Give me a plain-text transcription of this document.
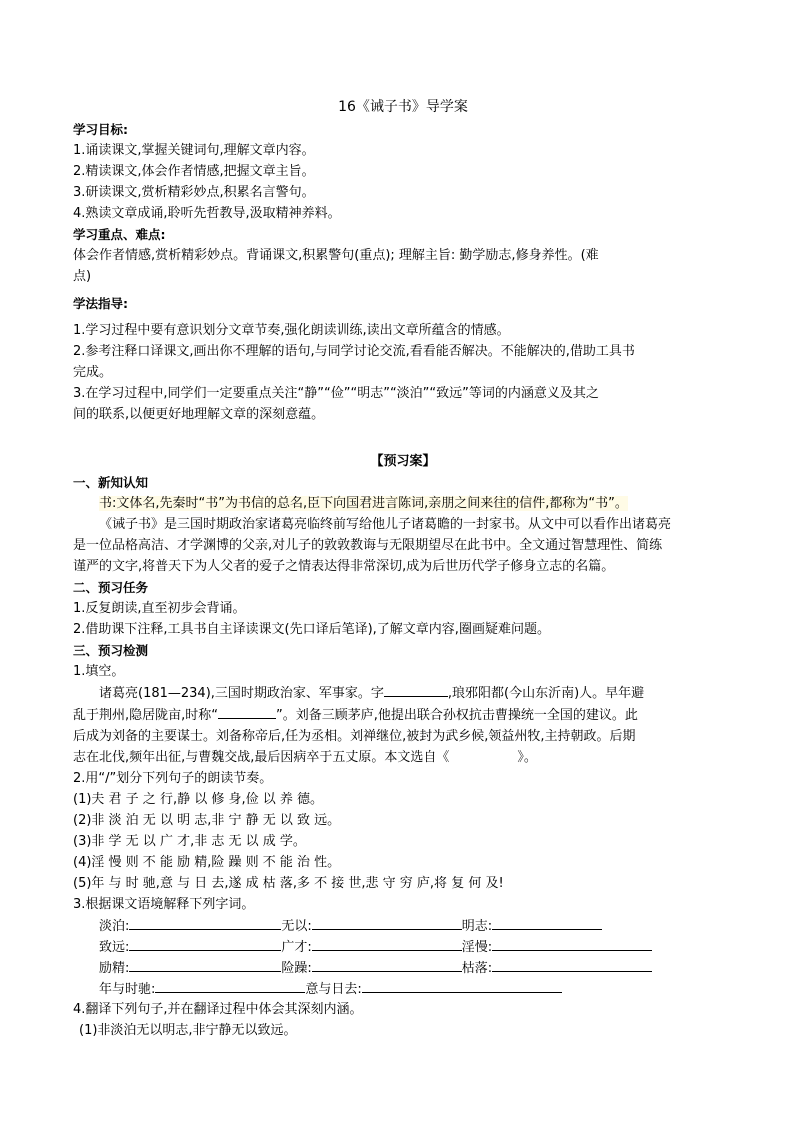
16《诫子书》导学案
学习目标:
1.诵读课文,掌握关键词句,理解文章内容。
2.精读课文,体会作者情感,把握文章主旨。
3.研读课文,赏析精彩妙点,积累名言警句。
4.熟读文章成诵,聆听先哲教导,汲取精神养料。
学习重点、难点:
体会作者情感,赏析精彩妙点。背诵课文,积累警句(重点); 理解主旨: 勤学励志,修身养性。(难
点)
学法指导:
1.学习过程中要有意识划分文章节奏,强化朗读训练,读出文章所蕴含的情感。
2.参考注释口译课文,画出你不理解的语句,与同学讨论交流,看看能否解决。不能解决的,借助工具书
完成。
3.在学习过程中,同学们一定要重点关注“静”“俭”“明志”“淡泊”“致远”等词的内涵意义及其之
间的联系,以便更好地理解文章的深刻意蕴。
【预习案】
一、新知认知
书:文体名,先秦时“书”为书信的总名,臣下向国君进言陈词,亲朋之间来往的信件,都称为“书”。
《诫子书》是三国时期政治家诸葛亮临终前写给他儿子诸葛瞻的一封家书。从文中可以看作出诸葛亮
是一位品格高洁、才学渊博的父亲,对儿子的敦敦教诲与无限期望尽在此书中。全文通过智慧理性、简练
谨严的文字,将普天下为人父者的爱子之情表达得非常深切,成为后世历代学子修身立志的名篇。
二、预习任务
1.反复朗读,直至初步会背诵。
2.借助课下注释,工具书自主译读课文(先口译后笔译),了解文章内容,圈画疑难问题。
三、预习检测
1.填空。
诸葛亮(181—234),三国时期政治家、军事家。字	,琅邪阳都(今山东沂南)人。早年避
乱于荆州,隐居陇亩,时称“	”。刘备三顾茅庐,他提出联合孙权抗击曹操统一全国的建议。此
后成为刘备的主要谋士。刘备称帝后,任为丞相。刘禅继位,被封为武乡候,领益州牧,主持朝政。后期
志在北伐,频年出征,与曹魏交战,最后因病卒于五丈原。本文选自《	》。
2.用“/”划分下列句子的朗读节奏。
(1)夫 君 子 之 行,静 以 修 身,俭 以 养 德。
(2)非 淡 泊 无 以 明 志,非 宁 静 无 以 致 远。
(3)非 学 无 以 广 才,非 志 无 以 成 学。
(4)淫 慢 则 不 能 励 精,险 躁 则 不 能 治 性。
(5)年 与 时 驰,意 与 日 去,遂 成 枯 落,多 不 接 世,悲 守 穷 庐,将 复 何 及!
3.根据课文语境解释下列字词。
淡泊:	无以:	明志:
致远:	广才:	淫慢:
励精:	险躁:	枯落:
年与时驰:	意与日去:
4.翻译下列句子,并在翻译过程中体会其深刻内涵。
(1)非淡泊无以明志,非宁静无以致远。
